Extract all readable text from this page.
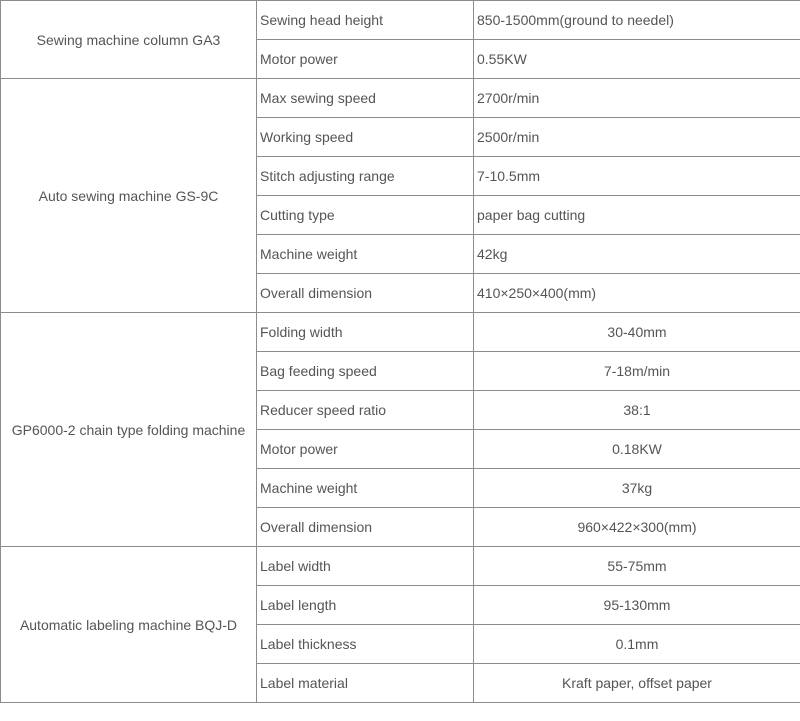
Sewing machine column GA3	Sewing head height	850-1500mm(ground to needel)
	Motor power	0.55KW
Auto sewing machine GS-9C	Max sewing speed	2700r/min
	Working speed	2500r/min
	Stitch adjusting range	7-10.5mm
	Cutting type	paper bag cutting
	Machine weight	42kg
	Overall dimension	410×250×400(mm)
GP6000-2 chain type folding machine	Folding width	30-40mm
	Bag feeding speed	7-18m/min
	Reducer speed ratio	38:1
	Motor power	0.18KW
	Machine weight	37kg
	Overall dimension	960×422×300(mm)
Automatic labeling machine BQJ-D	Label width	55-75mm
	Label length	95-130mm
	Label thickness	0.1mm
	Label material	Kraft paper, offset paper
